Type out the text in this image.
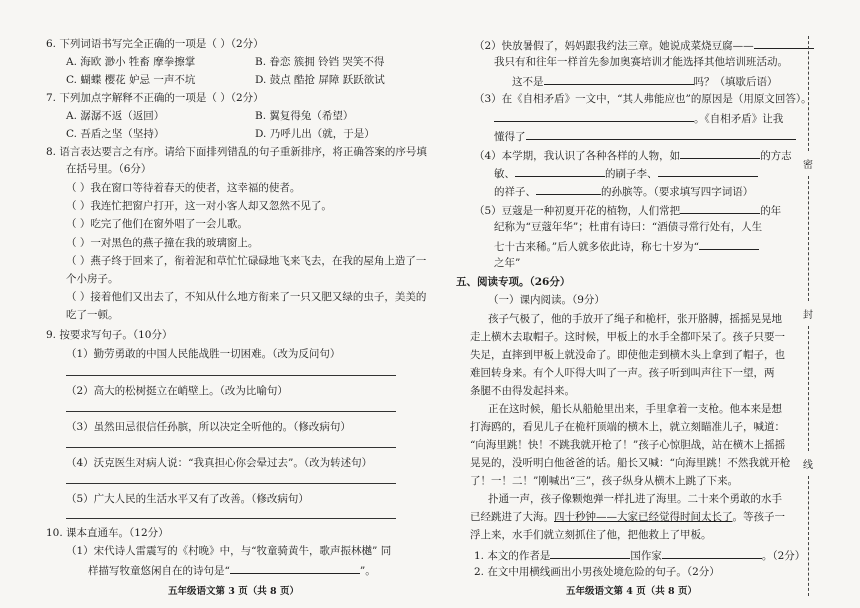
6. 下列词语书写完全正确的一项是（ ）（2分）
A. 海欧 渺小 牲畜 摩拳擦掌	B. 眷恋 簇拥 铃铛 哭笑不得
C. 蝴蝶 樱花 妒忌 一声不坑	D. 鼓点 酷抢 屏障 跃跃欲试
7. 下列加点字解释不正确的一项是（ ）（2分）
A. 潺潺不返（返回）	B. 翼复得兔（希望）
C. 吾盾之坚（坚持）	D. 乃呼儿出（就，于是）
8. 语言表达要言之有序。请给下面排列错乱的句子重新排序，将正确答案的序号填
在括号里。（6分）
（ ）我在窗口等待着春天的使者，这幸福的使者。
（ ）我连忙把窗户打开，这一对小客人却又忽然不见了。
（ ）吃完了他们在窗外唱了一会儿歌。
（ ）一对黑色的燕子撞在我的玻璃窗上。
（ ）燕子终于回来了，衔着泥和草忙忙碌碌地飞来飞去，在我的屋角上造了一
个小房子。
（ ）接着他们又出去了，不知从什么地方衔来了一只又肥又绿的虫子，美美的
吃了一顿。
9. 按要求写句子。（10分）
（1）勤劳勇敢的中国人民能战胜一切困难。（改为反问句）
（2）高大的松树挺立在峭壁上。（改为比喻句）
（3）虽然田忌很信任孙膑，所以决定全听他的。（修改病句）
（4）沃克医生对病人说：“我真担心你会晕过去”。（改为转述句）
（5）广大人民的生活水平又有了改善。（修改病句）
10. 课本直通车。（12分）
（1）宋代诗人雷震写的《村晚》中，与“牧童骑黄牛，歌声振林樾” 同
样描写牧童悠闲自在的诗句是“	”。
五年级语文第 3 页（共 8 页）
（2）快放暑假了，妈妈跟我约法三章。她说成菜烧豆腐——
我只有和往年一样首先参加奥赛培训才能选择其他培训班活动。
这不是	吗？（填歇后语）
（3）在《自相矛盾》一文中，“其人弗能应也”的原因是（用原文回答）。
。《自相矛盾》让我
懂得了
（4）本学期，我认识了各种各样的人物，如	的方志
敏、	的刷子李、
的祥子、	的孙膑等。（要求填写四字词语）
（5）豆蔻是一种初夏开花的植物，人们常把	的年
纪称为“豆蔻年华”；杜甫有诗曰：“酒债寻常行处有，人生
七十古来稀。”后人就多依此诗，称七十岁为“
之年”
五、阅读专项。（26分）
（一）课内阅读。（9分）
孩子气极了，他的手放开了绳子和桅杆，张开胳膊，摇摇晃晃地
走上横木去取帽子。这时候，甲板上的水手全都吓呆了。孩子只要一
失足，直摔到甲板上就没命了。即使他走到横木头上拿到了帽子，也
难回转身来。有个人吓得大叫了一声。孩子听到叫声往下一望，两
条腿不由得发起抖来。
正在这时候，船长从船舱里出来，手里拿着一支枪。他本来是想
打海鸥的，看见儿子在桅杆顶端的横木上，就立刻瞄准儿子，喊道：
“向海里跳！快！不跳我就开枪了！”孩子心惊胆战，站在横木上摇摇
晃晃的，没听明白他爸爸的话。船长又喊：“向海里跳！不然我就开枪
了！一！二！”刚喊出“三”，孩子纵身从横木上跳了下来。
扑通一声，孩子像颗炮弹一样扎进了海里。二十来个勇敢的水手
已经跳进了大海。四十秒钟——大家已经觉得时间太长了。等孩子一
浮上来，水手们就立刻抓住了他，把他救上了甲板。
1. 本文的作者是	国作家	。（2分）
2. 在文中用横线画出小男孩处境危险的句子。（2分）
五年级语文第 4 页（共 8 页）
密
封
线
